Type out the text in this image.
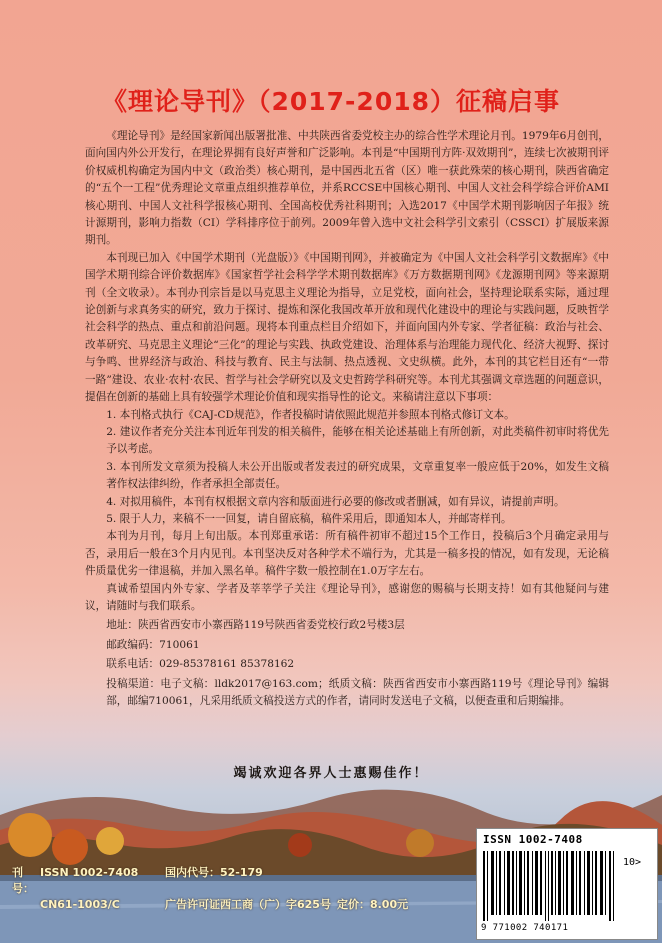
《理论导刊》（2017-2018）征稿启事

《理论导刊》是经国家新闻出版署批准、中共陕西省委党校主办的综合性学术理论月刊。1979年6月创刊，面向国内外公开发行，在理论界拥有良好声誉和广泛影响。本刊是“中国期刊方阵·双效期刊”，连续七次被期刊评价权威机构确定为国内中文（政治类）核心期刊，是中国西北五省（区）唯一获此殊荣的核心期刊，陕西省确定的“五个一工程”优秀理论文章重点组织推荐单位，并系RCCSE中国核心期刊、中国人文社会科学综合评价AMI核心期刊、中国人文社科学报核心期刊、全国高校优秀社科期刊；入选2017《中国学术期刊影响因子年报》统计源期刊，影响力指数（CI）学科排序位于前列。2009年曾入选中文社会科学引文索引（CSSCI）扩展版来源期刊。

本刊现已加入《中国学术期刊（光盘版）》《中国期刊网》，并被确定为《中国人文社会科学引文数据库》《中国学术期刊综合评价数据库》《国家哲学社会科学学术期刊数据库》《万方数据期刊网》《龙源期刊网》等来源期刊（全文收录）。本刊办刊宗旨是以马克思主义理论为指导，立足党校，面向社会，坚持理论联系实际，通过理论创新与求真务实的研究，致力于探讨、提炼和深化我国改革开放和现代化建设中的理论与实践问题，反映哲学社会科学的热点、重点和前沿问题。现将本刊重点栏目介绍如下，并面向国内外专家、学者征稿：政治与社会、改革研究、马克思主义理论“三化”的理论与实践、执政党建设、治理体系与治理能力现代化、经济大视野、探讨与争鸣、世界经济与政治、科技与教育、民主与法制、热点透视、文史纵横。此外，本刊的其它栏目还有“一带一路”建设、农业·农村·农民、哲学与社会学研究以及文史哲跨学科研究等。本刊尤其强调文章选题的问题意识，提倡在创新的基础上具有较强学术理论价值和现实指导性的论文。来稿请注意以下事项：

1. 本刊格式执行《CAJ-CD规范》，作者投稿时请依照此规范并参照本刊格式修订文本。

2. 建议作者充分关注本刊近年刊发的相关稿件，能够在相关论述基础上有所创新，对此类稿件初审时将优先予以考虑。

3. 本刊所发文章须为投稿人未公开出版或者发表过的研究成果，文章重复率一般应低于20%，如发生文稿著作权法律纠纷，作者承担全部责任。

4. 对拟用稿件，本刊有权根据文章内容和版面进行必要的修改或者删减，如有异议，请提前声明。

5. 限于人力，来稿不一一回复，请自留底稿，稿件采用后，即通知本人，并邮寄样刊。

本刊为月刊，每月上旬出版。本刊郑重承诺：所有稿件初审不超过15个工作日，投稿后3个月确定录用与否，录用后一般在3个月内见刊。本刊坚决反对各种学术不端行为，尤其是一稿多投的情况，如有发现，无论稿件质量优劣一律退稿，并加入黑名单。稿件字数一般控制在1.0万字左右。

真诚希望国内外专家、学者及莘莘学子关注《理论导刊》，感谢您的赐稿与长期支持！如有其他疑问与建议，请随时与我们联系。

地址：陕西省西安市小寨西路119号陕西省委党校行政2号楼3层

邮政编码：710061

联系电话：029-85378161 85378162

投稿渠道：电子文稿：lldk2017@163.com；纸质文稿：陕西省西安市小寨西路119号《理论导刊》编辑部，邮编710061，凡采用纸质文稿投送方式的作者，请同时发送电子文稿，以便查重和后期编排。

竭诚欢迎各界人士惠赐佳作！
刊号：
ISSN 1002-7408	国内代号：52-179
CN61-1003/C	广告许可证西工商（广）字625号 定价：8.00元
ISSN 1002-7408
10>
9 771002 740171
